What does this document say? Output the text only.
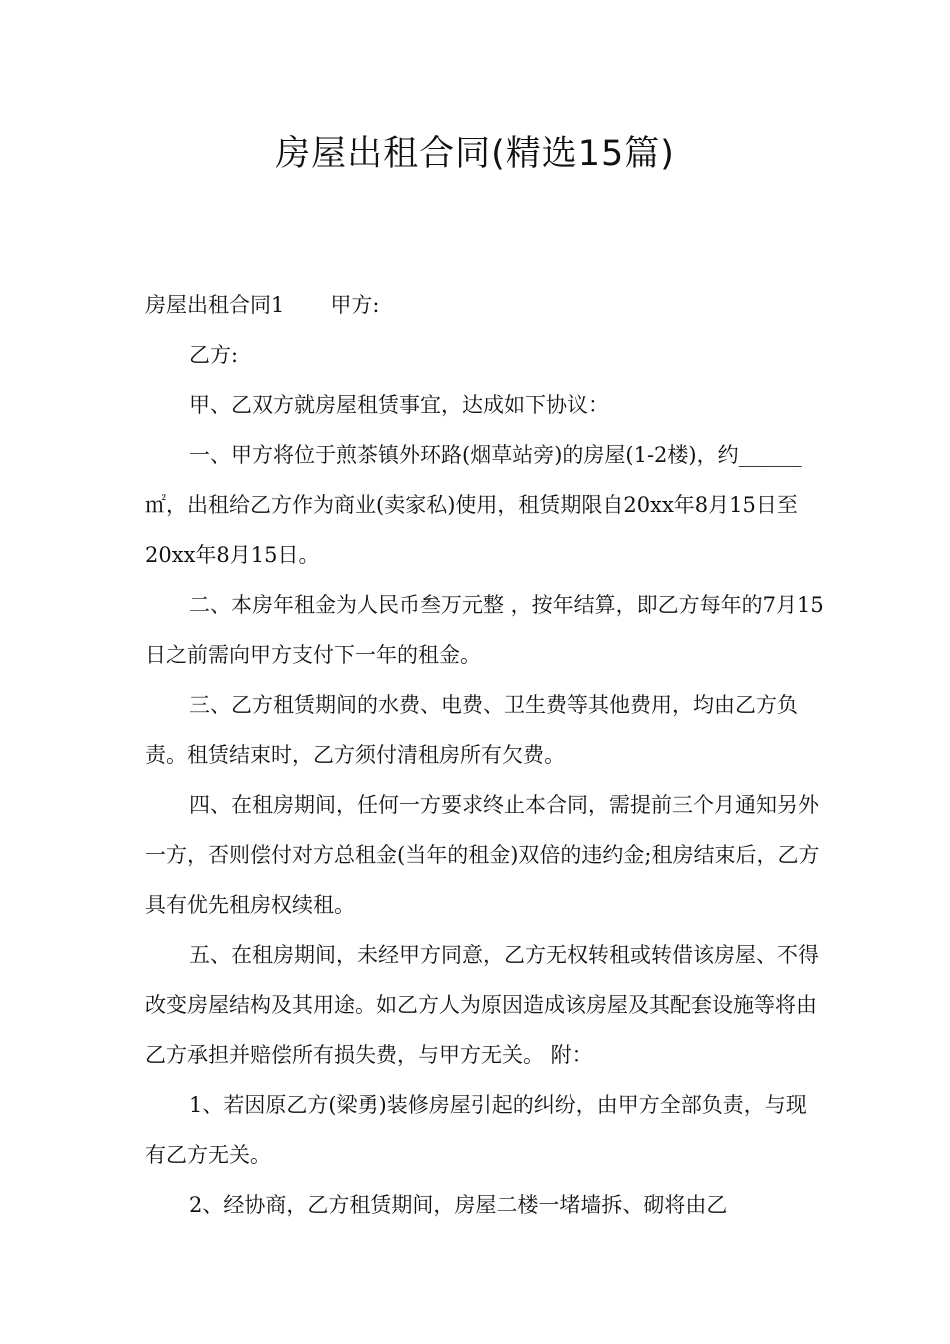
房屋出租合同(精选15篇)

房屋出租合同1 甲方:

乙方:

甲、乙双方就房屋租赁事宜，达成如下协议：

一、甲方将位于煎茶镇外环路(烟草站旁)的房屋(1-2楼)，约______㎡，出租给乙方作为商业(卖家私)使用，租赁期限自20xx年8月15日至20xx年8月15日。

二、本房年租金为人民币叁万元整 ，按年结算，即乙方每年的7月15日之前需向甲方支付下一年的租金。

三、乙方租赁期间的水费、电费、卫生费等其他费用，均由乙方负责。租赁结束时，乙方须付清租房所有欠费。

四、在租房期间，任何一方要求终止本合同，需提前三个月通知另外一方，否则偿付对方总租金(当年的租金)双倍的违约金;租房结束后，乙方具有优先租房权续租。

五、在租房期间，未经甲方同意，乙方无权转租或转借该房屋、不得改变房屋结构及其用途。如乙方人为原因造成该房屋及其配套设施等将由乙方承担并赔偿所有损失费，与甲方无关。 附：

1、若因原乙方(梁勇)装修房屋引起的纠纷，由甲方全部负责，与现有乙方无关。

2、经协商，乙方租赁期间，房屋二楼一堵墙拆、砌将由乙
